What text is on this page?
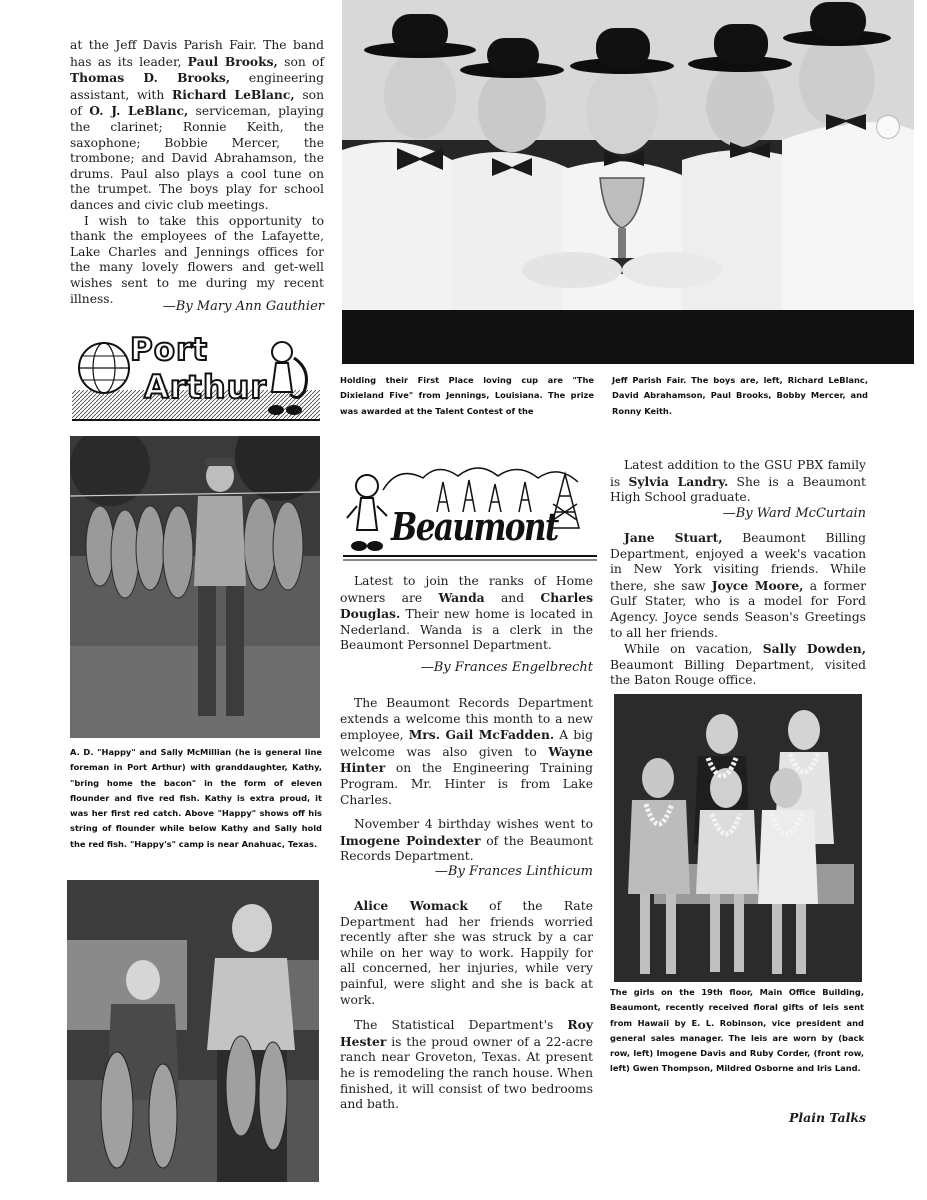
at the Jeff Davis Parish Fair. The band has as its leader, Paul Brooks, son of Thomas D. Brooks, engineering assistant, with Richard LeBlanc, son of O. J. LeBlanc, serviceman, playing the clarinet; Ronnie Keith, the saxophone; Bobbie Mercer, the trombone; and David Abrahamson, the drums. Paul also plays a cool tune on the trumpet. The boys play for school dances and civic club meetings.

I wish to take this opportunity to thank the employees of the Lafayette, Lake Charles and Jennings offices for the many lovely flowers and get-well wishes sent to me during my recent illness.

—By Mary Ann Gauthier
Port
Arthur	Holding their First Place loving cup are "The Dixieland Five" from Jennings, Louisiana. The prize was awarded at the Talent Contest of the
Jeff Parish Fair. The boys are, left, Richard LeBlanc, David Abrahamson, Paul Brooks, Bobby Mercer, and Ronny Keith.
A. D. "Happy" and Sally McMillian (he is general line foreman in Port Arthur) with granddaughter, Kathy, "bring home the bacon" in the form of eleven flounder and five red fish. Kathy is extra proud, it was her first red catch. Above "Happy" shows off his string of flounder while below Kathy and Sally hold the red fish. "Happy's" camp is near Anahuac, Texas.
Beaumont

Latest to join the ranks of Home owners are Wanda and Charles Douglas. Their new home is located in Nederland. Wanda is a clerk in the Beaumont Personnel Department.

—By Frances Engelbrecht

The Beaumont Records Department extends a welcome this month to a new employee, Mrs. Gail McFadden. A big welcome was also given to Wayne Hinter on the Engineering Training Program. Mr. Hinter is from Lake Charles.

November 4 birthday wishes went to Imogene Poindexter of the Beaumont Records Department.

—By Frances Linthicum

Alice Womack of the Rate Department had her friends worried recently after she was struck by a car while on her way to work. Happily for all concerned, her injuries, while very painful, were slight and she is back at work.

The Statistical Department's Roy Hester is the proud owner of a 22-acre ranch near Groveton, Texas. At present he is remodeling the ranch house. When finished, it will consist of two bedrooms and bath.

Latest addition to the GSU PBX family is Sylvia Landry. She is a Beaumont High School graduate.

—By Ward McCurtain

Jane Stuart, Beaumont Billing Department, enjoyed a week's vacation in New York visiting friends. While there, she saw Joyce Moore, a former Gulf Stater, who is a model for Ford Agency. Joyce sends Season's Greetings to all her friends.

While on vacation, Sally Dowden, Beaumont Billing Department, visited the Baton Rouge office.

The girls on the 19th floor, Main Office Building, Beaumont, recently received floral gifts of leis sent from Hawaii by E. L. Robinson, vice president and general sales manager. The leis are worn by (back row, left) Imogene Davis and Ruby Corder, (front row, left) Gwen Thompson, Mildred Osborne and Iris Land.
Plain Talks
